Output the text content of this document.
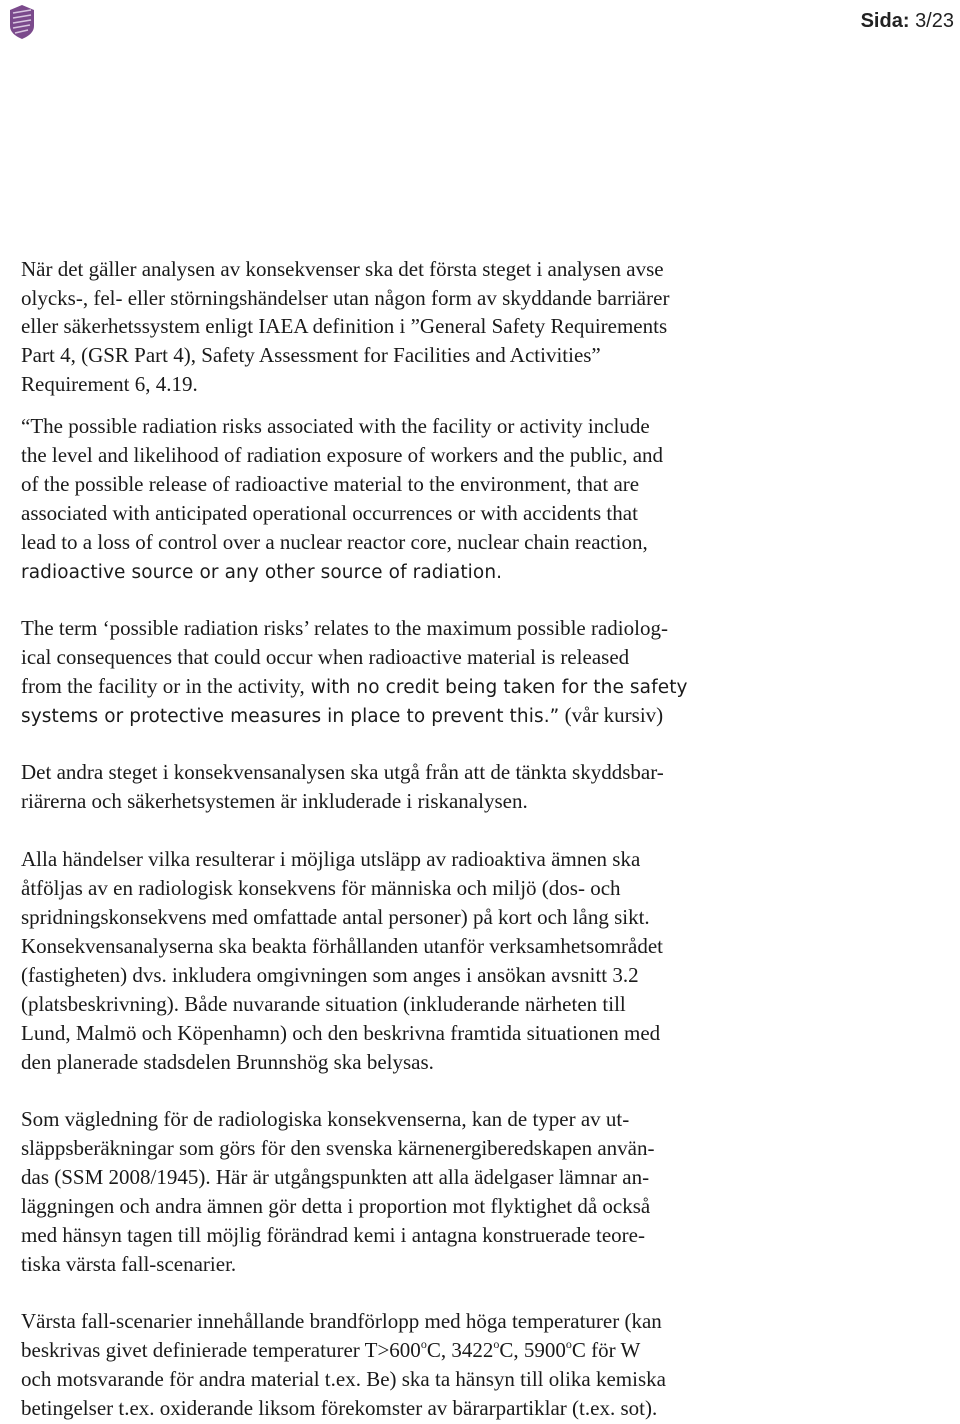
Sida: 3/23
När det gäller analysen av konsekvenser ska det första steget i analysen avse
olycks-, fel- eller störningshändelser utan någon form av skyddande barriärer
eller säkerhetssystem enligt IAEA definition i ”General Safety Requirements
Part 4, (GSR Part 4), Safety Assessment for Facilities and Activities”
Requirement 6, 4.19.
“The possible radiation risks associated with the facility or activity include
the level and likelihood of radiation exposure of workers and the public, and
of the possible release of radioactive material to the environment, that are
associated with anticipated operational occurrences or with accidents that
lead to a loss of control over a nuclear reactor core, nuclear chain reaction,
radioactive source or any other source of radiation.
The term ‘possible radiation risks’ relates to the maximum possible radiolog-
ical consequences that could occur when radioactive material is released
from the facility or in the activity, with no credit being taken for the safety
systems or protective measures in place to prevent this.” (vår kursiv)
Det andra steget i konsekvensanalysen ska utgå från att de tänkta skyddsbar-
riärerna och säkerhetsystemen är inkluderade i riskanalysen.
Alla händelser vilka resulterar i möjliga utsläpp av radioaktiva ämnen ska
åtföljas av en radiologisk konsekvens för människa och miljö (dos- och
spridningskonsekvens med omfattade antal personer) på kort och lång sikt.
Konsekvensanalyserna ska beakta förhållanden utanför verksamhetsområdet
(fastigheten) dvs. inkludera omgivningen som anges i ansökan avsnitt 3.2
(platsbeskrivning). Både nuvarande situation (inkluderande närheten till
Lund, Malmö och Köpenhamn) och den beskrivna framtida situationen med
den planerade stadsdelen Brunnshög ska belysas.
Som vägledning för de radiologiska konsekvenserna, kan de typer av ut-
släppsberäkningar som görs för den svenska kärnenergiberedskapen använ-
das (SSM 2008/1945). Här är utgångspunkten att alla ädelgaser lämnar an-
läggningen och andra ämnen gör detta i proportion mot flyktighet då också
med hänsyn tagen till möjlig förändrad kemi i antagna konstruerade teore-
tiska värsta fall-scenarier.
Värsta fall-scenarier innehållande brandförlopp med höga temperaturer (kan
beskrivas givet definierade temperaturer $T>600^oC$, 3422$^o$C, 5900$^o$C för W
och motsvarande för andra material t.ex. Be) ska ta hänsyn till olika kemiska
betingelser t.ex. oxiderande liksom förekomster av bärarpartiklar (t.ex. sot).
